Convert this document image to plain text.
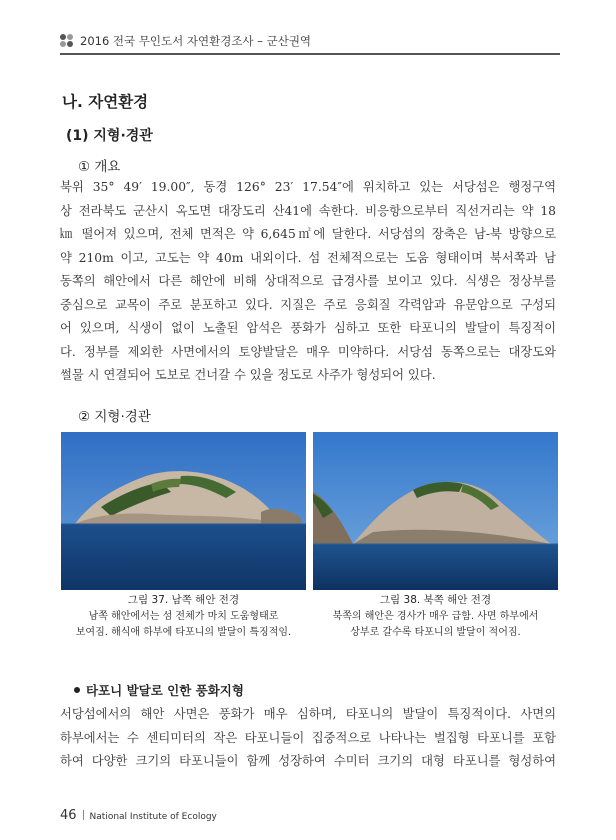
2016 전국 무인도서 자연환경조사 – 군산권역
나. 자연환경
(1) 지형·경관
① 개요
북위 35° 49′ 19.00″, 동경 126° 23′ 17.54″에 위치하고 있는 서당섬은 행정구역
상 전라북도 군산시 옥도면 대장도리 산41에 속한다. 비응항으로부터 직선거리는 약 18
㎞ 떨어져 있으며, 전체 면적은 약 6,645㎡에 달한다. 서당섬의 장축은 남-북 방향으로
약 210m 이고, 고도는 약 40m 내외이다. 섬 전체적으로는 도움 형태이며 북서쪽과 남
동쪽의 해안에서 다른 해안에 비해 상대적으로 급경사를 보이고 있다. 식생은 정상부를
중심으로 교목이 주로 분포하고 있다. 지질은 주로 응회질 각력암과 유문암으로 구성되
어 있으며, 식생이 없이 노출된 암석은 풍화가 심하고 또한 타포니의 발달이 특징적이
다. 정부를 제외한 사면에서의 토양발달은 매우 미약하다. 서당섬 동쪽으로는 대장도와
썰물 시 연결되어 도보로 건너갈 수 있을 정도로 사주가 형성되어 있다.
② 지형·경관
그림 37. 남쪽 해안 전경
남쪽 해안에서는 섬 전체가 마치 도움형태로
보여짐. 해식애 하부에 타포니의 발달이 특징적임.
그림 38. 북쪽 해안 전경
북쪽의 해안은 경사가 매우 급함. 사면 하부에서
상부로 갈수록 타포니의 발달이 적어짐.
타포니 발달로 인한 풍화지형
서당섬에서의 해안 사면은 풍화가 매우 심하며, 타포니의 발달이 특징적이다. 사면의
하부에서는 수 센티미터의 작은 타포니들이 집중적으로 나타나는 벌집형 타포니를 포함
하여 다양한 크기의 타포니들이 함께 성장하여 수미터 크기의 대형 타포니를 형성하여
46 National Institute of Ecology
